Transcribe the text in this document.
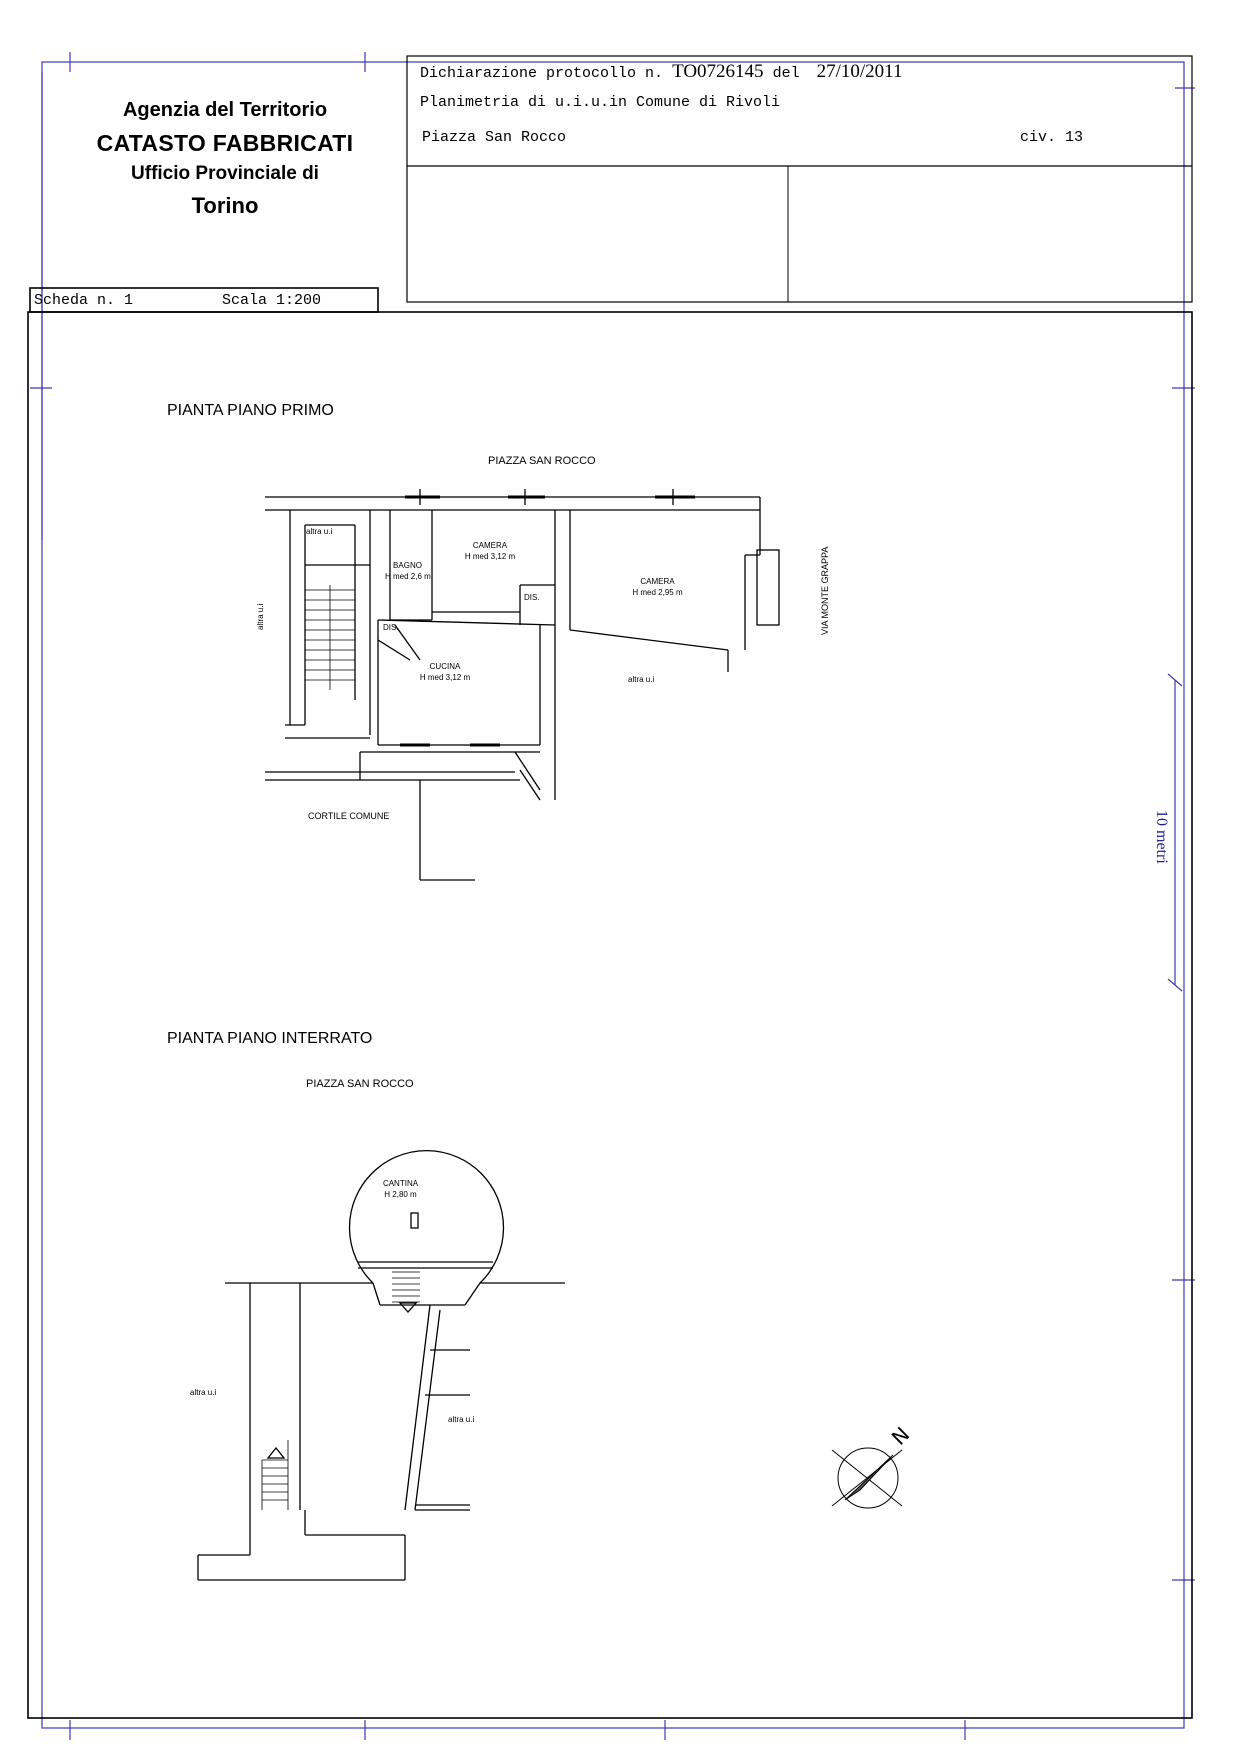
Agenzia del Territorio
CATASTO FABBRICATI
Ufficio Provinciale di
Torino
Dichiarazione protocollo n. TO0726145 del 27/10/2011
Planimetria di u.i.u.in Comune di Rivoli
Piazza San Rocco	civ. 13
Scheda n. 1	Scala 1:200
10 metri
PIANTA PIANO PRIMO
PIAZZA SAN ROCCO
VIA MONTE GRAPPA
CORTILE COMUNE
BAGNO
H med 2,6 m
CAMERA
H med 3,12 m
CAMERA
H med 2,95 m
CUCINA
H med 3,12 m
DIS.
DIS.
altra u.i
altra u.i
altra u.i
PIANTA PIANO INTERRATO
PIAZZA SAN ROCCO
CANTINA
H 2,80 m
altra u.i
altra u.i
N
